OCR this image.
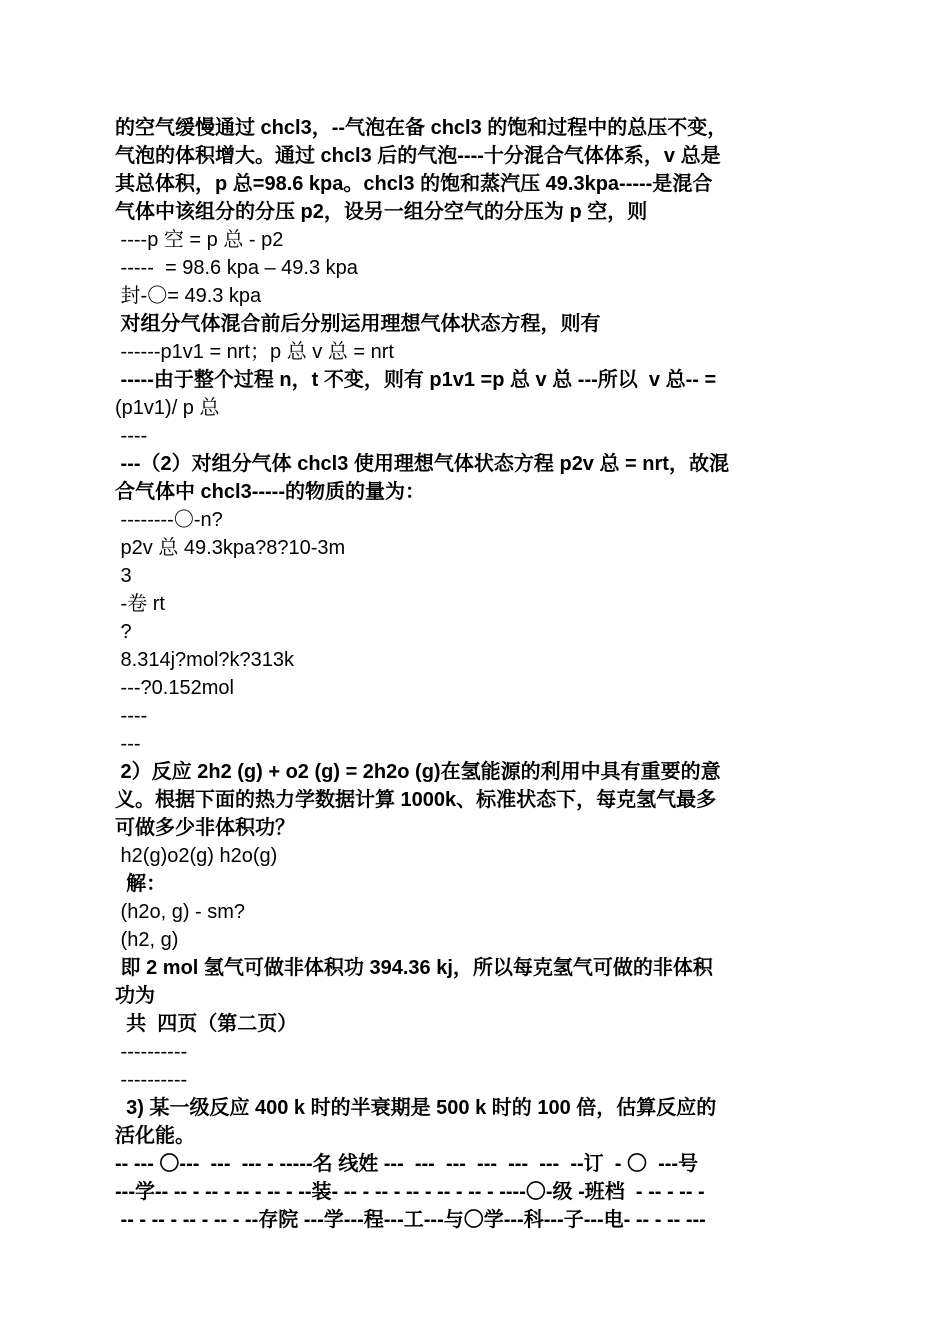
的空气缓慢通过 chcl3，--气泡在备 chcl3 的饱和过程中的总压不变，
气泡的体积增大。通过 chcl3 后的气泡----十分混合气体体系，v 总是
其总体积，p 总=98.6 kpa。chcl3 的饱和蒸汽压 49.3kpa-----是混合
气体中该组分的分压 p2，设另一组分空气的分压为 p 空，则
----p 空 = p 总 - p2
-----  = 98.6 kpa – 49.3 kpa
封-〇= 49.3 kpa
对组分气体混合前后分别运用理想气体状态方程，则有
------p1v1 = nrt；p 总 v 总 = nrt
-----由于整个过程 n，t 不变，则有 p1v1 =p 总 v 总 ---所以  v 总-- =
(p1v1)/ p 总
----
---（2）对组分气体 chcl3 使用理想气体状态方程 p2v 总 = nrt，故混
合气体中 chcl3-----的物质的量为：
--------〇-n?
p2v 总 49.3kpa?8?10-3m
3
-卷 rt
?
8.314j?mol?k?313k
---?0.152mol
----
---
2）反应 2h2 (g) + o2 (g) = 2h2o (g)在氢能源的利用中具有重要的意
义。根据下面的热力学数据计算 1000k、标准状态下，每克氢气最多
可做多少非体积功？
h2(g)o2(g) h2o(g)
解：
(h2o, g) - sm?
(h2, g)
即 2 mol 氢气可做非体积功 394.36 kj，所以每克氢气可做的非体积
功为
共  四页（第二页）
----------
----------
3) 某一级反应 400 k 时的半衰期是 500 k 时的 100 倍，估算反应的
活化能。
-- --- 〇---  ---  --- - -----名 线姓 ---  ---  ---  ---  ---  ---  --订  - 〇  ---号
---学-- -- - -- - -- - -- - --装- -- - -- - -- - -- - -- - ----〇-级 -班档  - -- - -- -
-- - -- - -- - -- - --存院 ---学---程---工---与〇学---科---子---电- -- - -- ---
